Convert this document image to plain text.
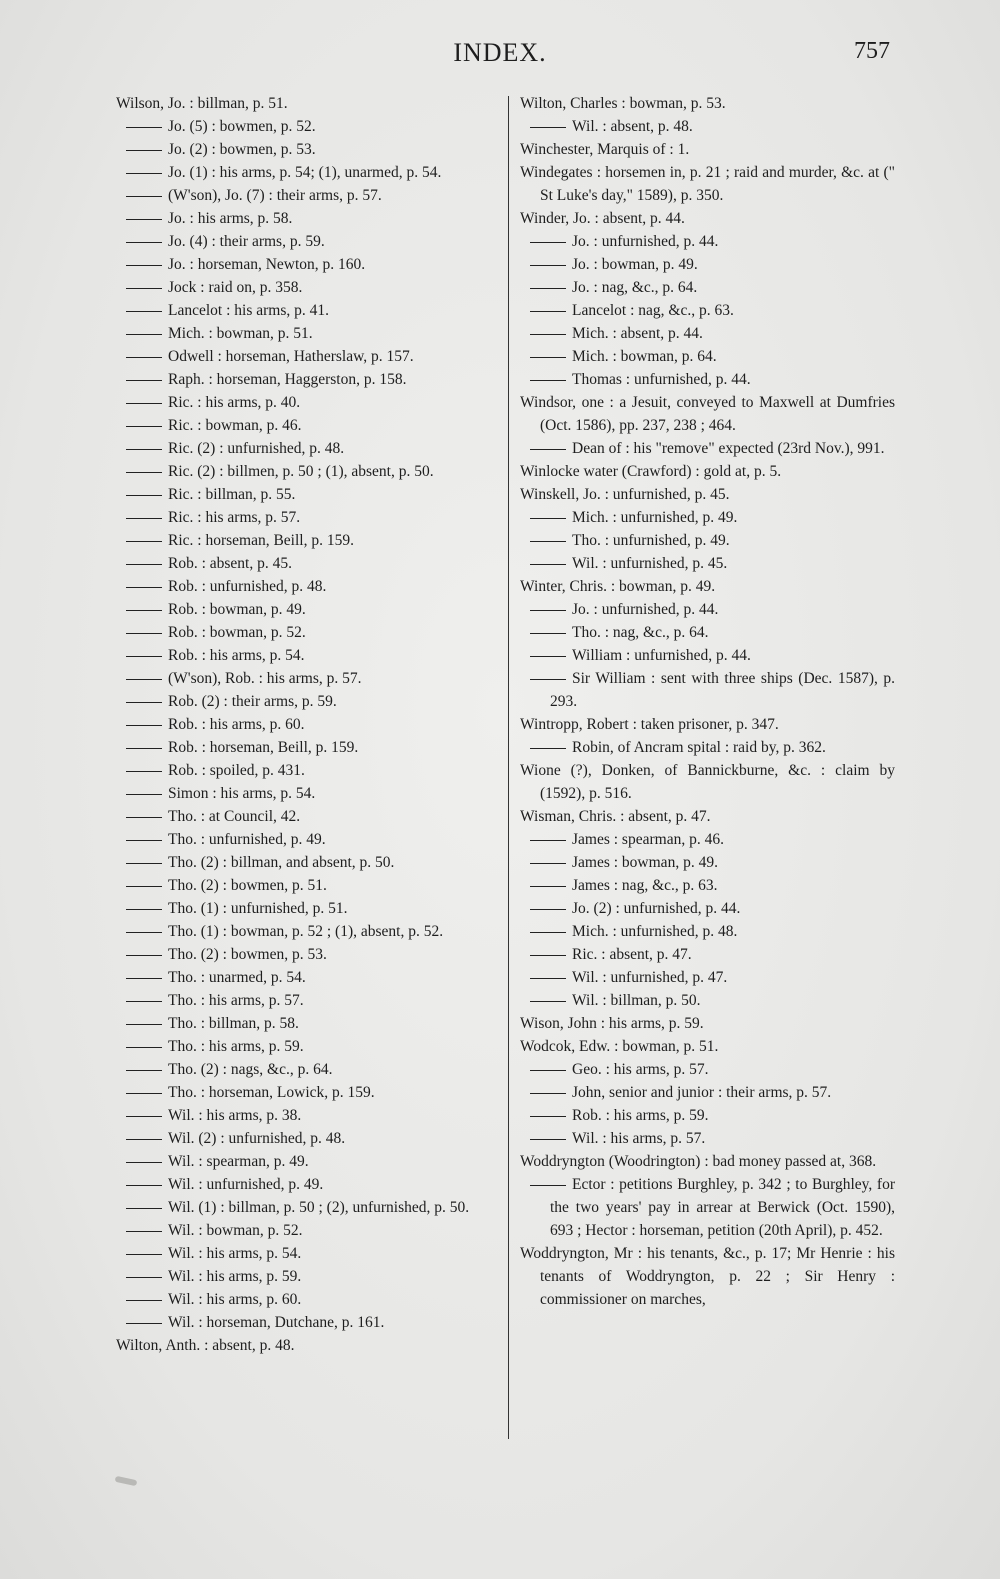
INDEX.	757
Wilson, Jo. : billman, p. 51.
Jo. (5) : bowmen, p. 52.
Jo. (2) : bowmen, p. 53.
Jo. (1) : his arms, p. 54; (1), unarmed, p. 54.
(W'son), Jo. (7) : their arms, p. 57.
Jo. : his arms, p. 58.
Jo. (4) : their arms, p. 59.
Jo. : horseman, Newton, p. 160.
Jock : raid on, p. 358.
Lancelot : his arms, p. 41.
Mich. : bowman, p. 51.
Odwell : horseman, Hatherslaw, p. 157.
Raph. : horseman, Haggerston, p. 158.
Ric. : his arms, p. 40.
Ric. : bowman, p. 46.
Ric. (2) : unfurnished, p. 48.
Ric. (2) : billmen, p. 50 ; (1), absent, p. 50.
Ric. : billman, p. 55.
Ric. : his arms, p. 57.
Ric. : horseman, Beill, p. 159.
Rob. : absent, p. 45.
Rob. : unfurnished, p. 48.
Rob. : bowman, p. 49.
Rob. : bowman, p. 52.
Rob. : his arms, p. 54.
(W'son), Rob. : his arms, p. 57.
Rob. (2) : their arms, p. 59.
Rob. : his arms, p. 60.
Rob. : horseman, Beill, p. 159.
Rob. : spoiled, p. 431.
Simon : his arms, p. 54.
Tho. : at Council, 42.
Tho. : unfurnished, p. 49.
Tho. (2) : billman, and absent, p. 50.
Tho. (2) : bowmen, p. 51.
Tho. (1) : unfurnished, p. 51.
Tho. (1) : bowman, p. 52 ; (1), absent, p. 52.
Tho. (2) : bowmen, p. 53.
Tho. : unarmed, p. 54.
Tho. : his arms, p. 57.
Tho. : billman, p. 58.
Tho. : his arms, p. 59.
Tho. (2) : nags, &c., p. 64.
Tho. : horseman, Lowick, p. 159.
Wil. : his arms, p. 38.
Wil. (2) : unfurnished, p. 48.
Wil. : spearman, p. 49.
Wil. : unfurnished, p. 49.
Wil. (1) : billman, p. 50 ; (2), unfurnished, p. 50.
Wil. : bowman, p. 52.
Wil. : his arms, p. 54.
Wil. : his arms, p. 59.
Wil. : his arms, p. 60.
Wil. : horseman, Dutchane, p. 161.
Wilton, Anth. : absent, p. 48.
Wilton, Charles : bowman, p. 53.
Wil. : absent, p. 48.
Winchester, Marquis of : 1.
Windegates : horsemen in, p. 21 ; raid and murder, &c. at (" St Luke's day," 1589), p. 350.
Winder, Jo. : absent, p. 44.
Jo. : unfurnished, p. 44.
Jo. : bowman, p. 49.
Jo. : nag, &c., p. 64.
Lancelot : nag, &c., p. 63.
Mich. : absent, p. 44.
Mich. : bowman, p. 64.
Thomas : unfurnished, p. 44.
Windsor, one : a Jesuit, conveyed to Maxwell at Dumfries (Oct. 1586), pp. 237, 238 ; 464.
Dean of : his "remove" expected (23rd Nov.), 991.
Winlocke water (Crawford) : gold at, p. 5.
Winskell, Jo. : unfurnished, p. 45.
Mich. : unfurnished, p. 49.
Tho. : unfurnished, p. 49.
Wil. : unfurnished, p. 45.
Winter, Chris. : bowman, p. 49.
Jo. : unfurnished, p. 44.
Tho. : nag, &c., p. 64.
William : unfurnished, p. 44.
Sir William : sent with three ships (Dec. 1587), p. 293.
Wintropp, Robert : taken prisoner, p. 347.
Robin, of Ancram spital : raid by, p. 362.
Wione (?), Donken, of Bannickburne, &c. : claim by (1592), p. 516.
Wisman, Chris. : absent, p. 47.
James : spearman, p. 46.
James : bowman, p. 49.
James : nag, &c., p. 63.
Jo. (2) : unfurnished, p. 44.
Mich. : unfurnished, p. 48.
Ric. : absent, p. 47.
Wil. : unfurnished, p. 47.
Wil. : billman, p. 50.
Wison, John : his arms, p. 59.
Wodcok, Edw. : bowman, p. 51.
Geo. : his arms, p. 57.
John, senior and junior : their arms, p. 57.
Rob. : his arms, p. 59.
Wil. : his arms, p. 57.
Woddryngton (Woodrington) : bad money passed at, 368.
Ector : petitions Burghley, p. 342 ; to Burghley, for the two years' pay in arrear at Berwick (Oct. 1590), 693 ; Hector : horseman, petition (20th April), p. 452.
Woddryngton, Mr : his tenants, &c., p. 17; Mr Henrie : his tenants of Woddryngton, p. 22 ; Sir Henry : commissioner on marches,
